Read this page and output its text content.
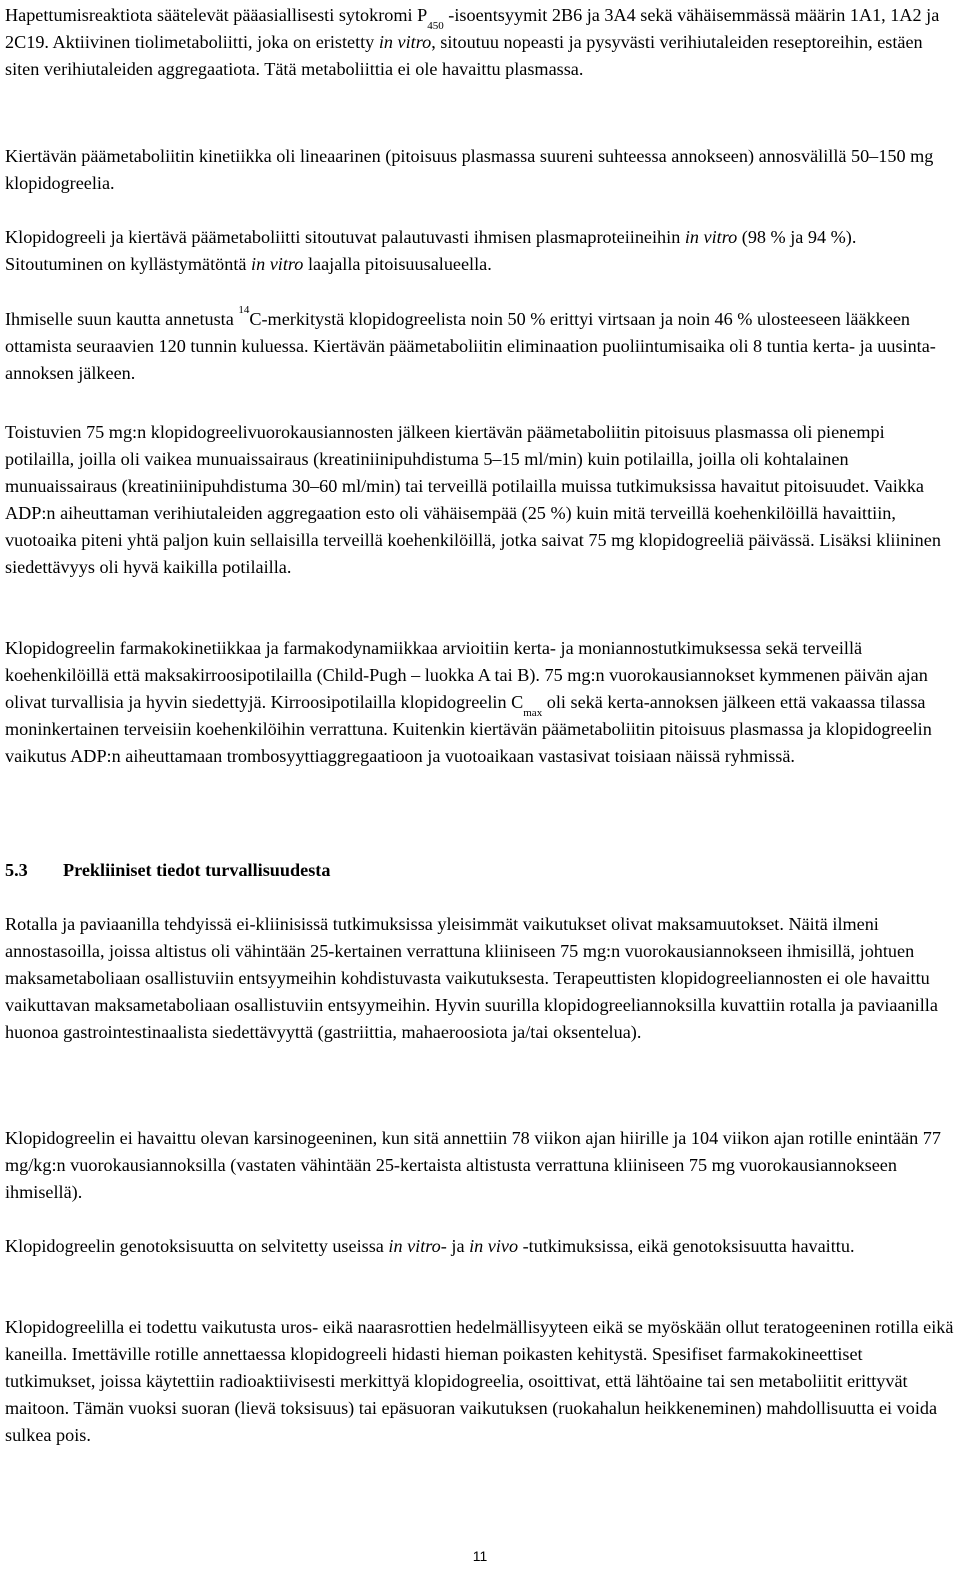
Hapettumisreaktiota säätelevät pääasiallisesti sytokromi $P_{450}$ -isoentsyymit 2B6 ja 3A4 sekä vähäisemmässä määrin 1A1, 1A2 ja 2C19. Aktiivinen tiolimetaboliitti, joka on eristetty in vitro, sitoutuu nopeasti ja pysyvästi verihiutaleiden reseptoreihin, estäen siten verihiutaleiden aggregaatiota. Tätä metaboliittia ei ole havaittu plasmassa.

Kiertävän päämetaboliitin kinetiikka oli lineaarinen (pitoisuus plasmassa suureni suhteessa annokseen) annosvälillä 50–150 mg klopidogreelia.

Klopidogreeli ja kiertävä päämetaboliitti sitoutuvat palautuvasti ihmisen plasmaproteiineihin in vitro (98 % ja 94 %). Sitoutuminen on kyllästymätöntä in vitro laajalla pitoisuusalueella.

Ihmiselle suun kautta annetusta $^{14}$C-merkitystä klopidogreelista noin 50 % erittyi virtsaan ja noin 46 % ulosteeseen lääkkeen ottamista seuraavien 120 tunnin kuluessa. Kiertävän päämetaboliitin eliminaation puoliintumisaika oli 8 tuntia kerta- ja uusinta-annoksen jälkeen.

Toistuvien 75 mg:n klopidogreelivuorokausiannosten jälkeen kiertävän päämetaboliitin pitoisuus plasmassa oli pienempi potilailla, joilla oli vaikea munuaissairaus (kreatiniinipuhdistuma 5–15 ml/min) kuin potilailla, joilla oli kohtalainen munuaissairaus (kreatiniinipuhdistuma 30–60 ml/min) tai terveillä potilailla muissa tutkimuksissa havaitut pitoisuudet. Vaikka ADP:n aiheuttaman verihiutaleiden aggregaation esto oli vähäisempää (25 %) kuin mitä terveillä koehenkilöillä havaittiin, vuotoaika piteni yhtä paljon kuin sellaisilla terveillä koehenkilöillä, jotka saivat 75 mg klopidogreeliä päivässä. Lisäksi kliininen siedettävyys oli hyvä kaikilla potilailla.

Klopidogreelin farmakokinetiikkaa ja farmakodynamiikkaa arvioitiin kerta- ja moniannostutkimuksessa sekä terveillä koehenkilöillä että maksakirroosipotilailla (Child-Pugh – luokka A tai B). 75 mg:n vuorokausiannokset kymmenen päivän ajan olivat turvallisia ja hyvin siedettyjä. Kirroosipotilailla klopidogreelin $C_{max}$ oli sekä kerta-annoksen jälkeen että vakaassa tilassa moninkertainen terveisiin koehenkilöihin verrattuna. Kuitenkin kiertävän päämetaboliitin pitoisuus plasmassa ja klopidogreelin vaikutus ADP:n aiheuttamaan trombosyyttiaggregaatioon ja vuotoaikaan vastasivat toisiaan näissä ryhmissä.

5.3 Prekliiniset tiedot turvallisuudesta

Rotalla ja paviaanilla tehdyissä ei-kliinisissä tutkimuksissa yleisimmät vaikutukset olivat maksamuutokset. Näitä ilmeni annostasoilla, joissa altistus oli vähintään 25-kertainen verrattuna kliiniseen 75 mg:n vuorokausiannokseen ihmisillä, johtuen maksametaboliaan osallistuviin entsyymeihin kohdistuvasta vaikutuksesta. Terapeuttisten klopidogreeliannosten ei ole havaittu vaikuttavan maksametaboliaan osallistuviin entsyymeihin. Hyvin suurilla klopidogreeliannoksilla kuvattiin rotalla ja paviaanilla huonoa gastrointestinaalista siedettävyyttä (gastriittia, mahaeroosiota ja/tai oksentelua).

Klopidogreelin ei havaittu olevan karsinogeeninen, kun sitä annettiin 78 viikon ajan hiirille ja 104 viikon ajan rotille enintään 77 mg/kg:n vuorokausiannoksilla (vastaten vähintään 25-kertaista altistusta verrattuna kliiniseen 75 mg vuorokausiannokseen ihmisellä).

Klopidogreelin genotoksisuutta on selvitetty useissa in vitro- ja in vivo -tutkimuksissa, eikä genotoksisuutta havaittu.

Klopidogreelilla ei todettu vaikutusta uros- eikä naarasrottien hedelmällisyyteen eikä se myöskään ollut teratogeeninen rotilla eikä kaneilla. Imettäville rotille annettaessa klopidogreeli hidasti hieman poikasten kehitystä. Spesifiset farmakokineettiset tutkimukset, joissa käytettiin radioaktiivisesti merkittyä klopidogreelia, osoittivat, että lähtöaine tai sen metaboliitit erittyvät maitoon. Tämän vuoksi suoran (lievä toksisuus) tai epäsuoran vaikutuksen (ruokahalun heikkeneminen) mahdollisuutta ei voida sulkea pois.

11
